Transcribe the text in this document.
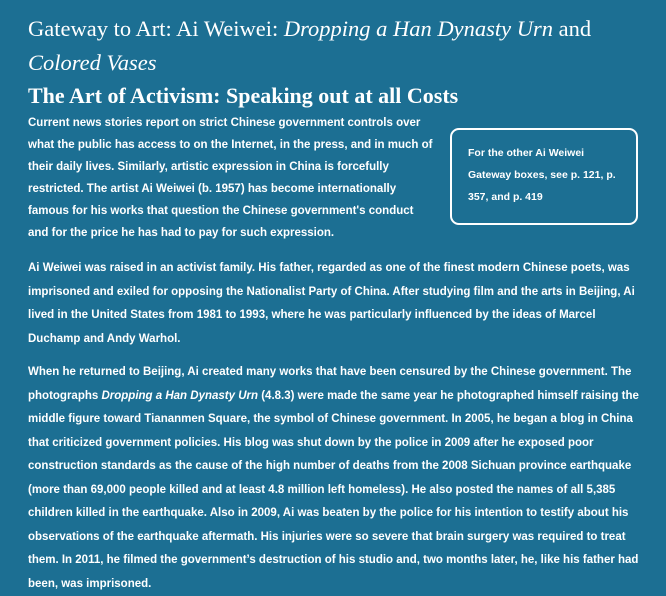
Gateway to Art: Ai Weiwei: Dropping a Han Dynasty Urn and Colored Vases
The Art of Activism: Speaking out at all Costs

Current news stories report on strict Chinese government controls over what the public has access to on the Internet, in the press, and in much of their daily lives. Similarly, artistic expression in China is forcefully restricted. The artist Ai Weiwei (b. 1957) has become internationally famous for his works that question the Chinese government's conduct and for the price he has had to pay for such expression.

For the other Ai Weiwei Gateway boxes, see p. 121, p. 357, and p. 419

Ai Weiwei was raised in an activist family. His father, regarded as one of the finest modern Chinese poets, was imprisoned and exiled for opposing the Nationalist Party of China. After studying film and the arts in Beijing, Ai lived in the United States from 1981 to 1993, where he was particularly influenced by the ideas of Marcel Duchamp and Andy Warhol.

When he returned to Beijing, Ai created many works that have been censured by the Chinese government. The photographs Dropping a Han Dynasty Urn (4.8.3) were made the same year he photographed himself raising the middle figure toward Tiananmen Square, the symbol of Chinese government. In 2005, he began a blog in China that criticized government policies. His blog was shut down by the police in 2009 after he exposed poor construction standards as the cause of the high number of deaths from the 2008 Sichuan province earthquake (more than 69,000 people killed and at least 4.8 million left homeless). He also posted the names of all 5,385 children killed in the earthquake. Also in 2009, Ai was beaten by the police for his intention to testify about his observations of the earthquake aftermath. His injuries were so severe that brain surgery was required to treat them. In 2011, he filmed the government’s destruction of his studio and, two months later, he, like his father had been, was imprisoned.
